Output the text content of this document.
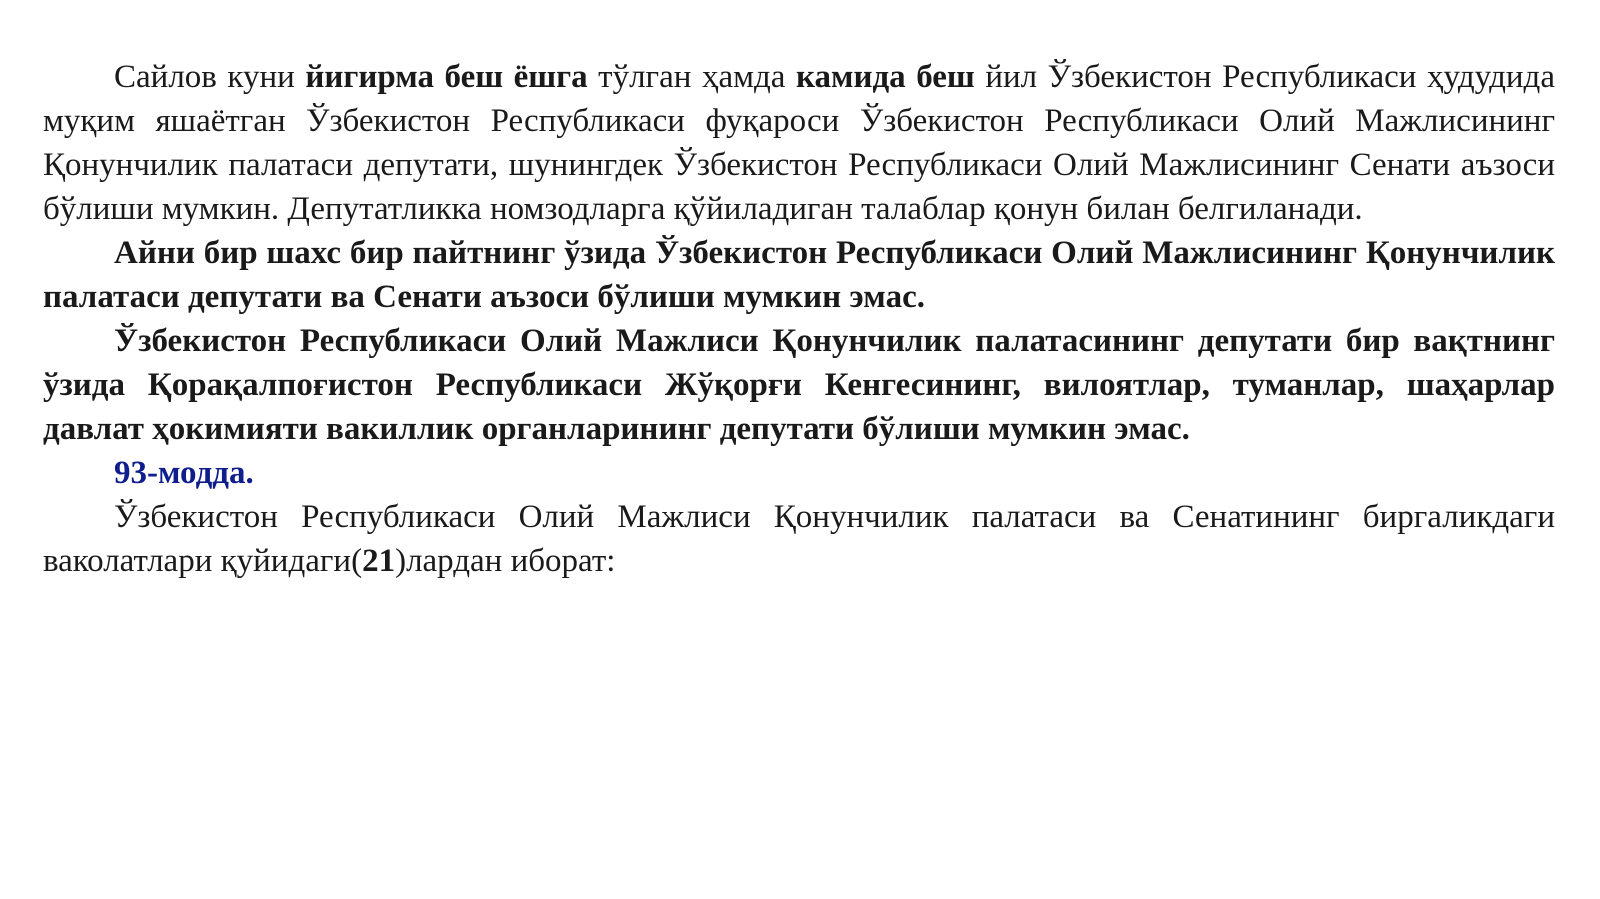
Сайлов куни йигирма беш ёшга тўлган ҳамда камида беш йил Ўзбекистон Республикаси ҳудудида муқим яшаётган Ўзбекистон Республикаси фуқароси Ўзбекистон Республикаси Олий Мажлисининг Қонунчилик палатаси депутати, шунингдек Ўзбекистон Республикаси Олий Мажлисининг Сенати аъзоси бўлиши мумкин. Депутатликка номзодларга қўйиладиган талаблар қонун билан белгиланади.

Айни бир шахс бир пайтнинг ўзида Ўзбекистон Республикаси Олий Мажлисининг Қонунчилик палатаси депутати ва Сенати аъзоси бўлиши мумкин эмас.

Ўзбекистон Республикаси Олий Мажлиси Қонунчилик палатасининг депутати бир вақтнинг ўзида Қорақалпоғистон Республикаси Жўқорғи Кенгесининг, вилоятлар, туманлар, шаҳарлар давлат ҳокимияти вакиллик органларининг депутати бўлиши мумкин эмас.

93-модда.

Ўзбекистон Республикаси Олий Мажлиси Қонунчилик палатаси ва Сенатининг биргаликдаги ваколатлари қуйидаги(21)лардан иборат:
